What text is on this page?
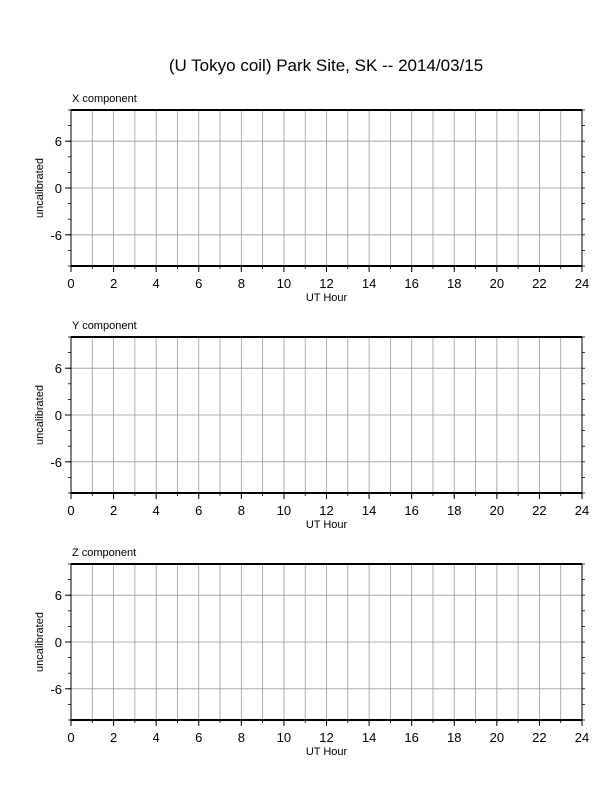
(U Tokyo coil) Park Site, SK -- 2014/03/15
6
0
-6
0	2	4	6	8 10 12 14 16 18 20 22 24
X component
UT Hour
uncalibrated
6
0
-6
0	2	4	6	8 10 12 14 16 18 20 22 24
Y component
UT Hour
uncalibrated
6
0
-6
0	2	4	6	8 10 12 14 16 18 20 22 24
Z component
UT Hour
uncalibrated
